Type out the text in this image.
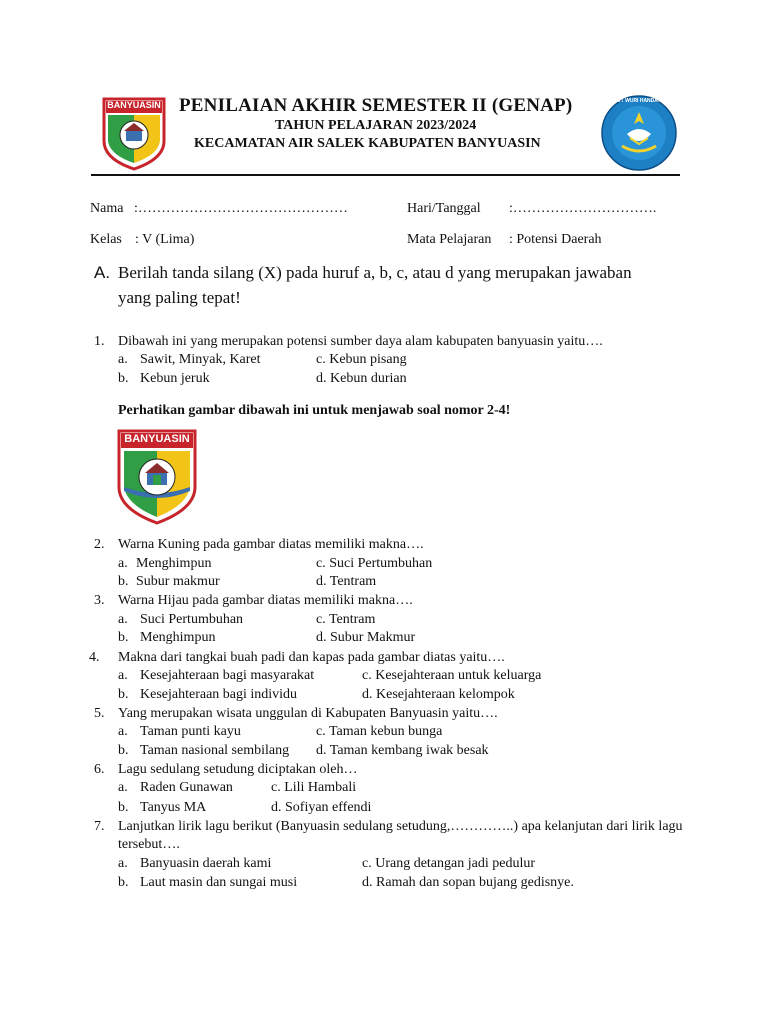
BANYUASIN	TUT WURI HANDAYANI
PENILAIAN AKHIR SEMESTER II (GENAP)
TAHUN PELAJARAN 2023/2024
KECAMATAN AIR SALEK KABUPATEN BANYUASIN
Nama :………………………………………	Hari/Tanggal :………………………….
Kelas : V (Lima)	Mata Pelajaran : Potensi Daerah
A. Berilah tanda silang (X) pada huruf a, b, c, atau d yang merupakan jawaban
yang paling tepat!
1. Dibawah ini yang merupakan potensi sumber daya alam kabupaten banyuasin yaitu….
a. Sawit, Minyak, Karet	c. Kebun pisang
b. Kebun jeruk	d. Kebun durian
Perhatikan gambar dibawah ini untuk menjawab soal nomor 2-4!
BANYUASIN
2. Warna Kuning pada gambar diatas memiliki makna….
a. Menghimpun	c. Suci Pertumbuhan
b. Subur makmur	d. Tentram
3. Warna Hijau pada gambar diatas memiliki makna….
a. Suci Pertumbuhan	c. Tentram
b. Menghimpun	d. Subur Makmur
4. Makna dari tangkai buah padi dan kapas pada gambar diatas yaitu….
a. Kesejahteraan bagi masyarakat	c. Kesejahteraan untuk keluarga
b. Kesejahteraan bagi individu	d. Kesejahteraan kelompok
5. Yang merupakan wisata unggulan di Kabupaten Banyuasin yaitu….
a. Taman punti kayu	c. Taman kebun bunga
b. Taman nasional sembilang d. Taman kembang iwak besak
6. Lagu sedulang setudung diciptakan oleh…
a. Raden Gunawan	c. Lili Hambali
b. Tanyus MA	d. Sofiyan effendi
7. Lanjutkan lirik lagu berikut (Banyuasin sedulang setudung,…………..) apa kelanjutan dari lirik lagu
tersebut….
a. Banyuasin daerah kami	c. Urang detangan jadi pedulur
b. Laut masin dan sungai musi	d. Ramah dan sopan bujang gedisnye.
